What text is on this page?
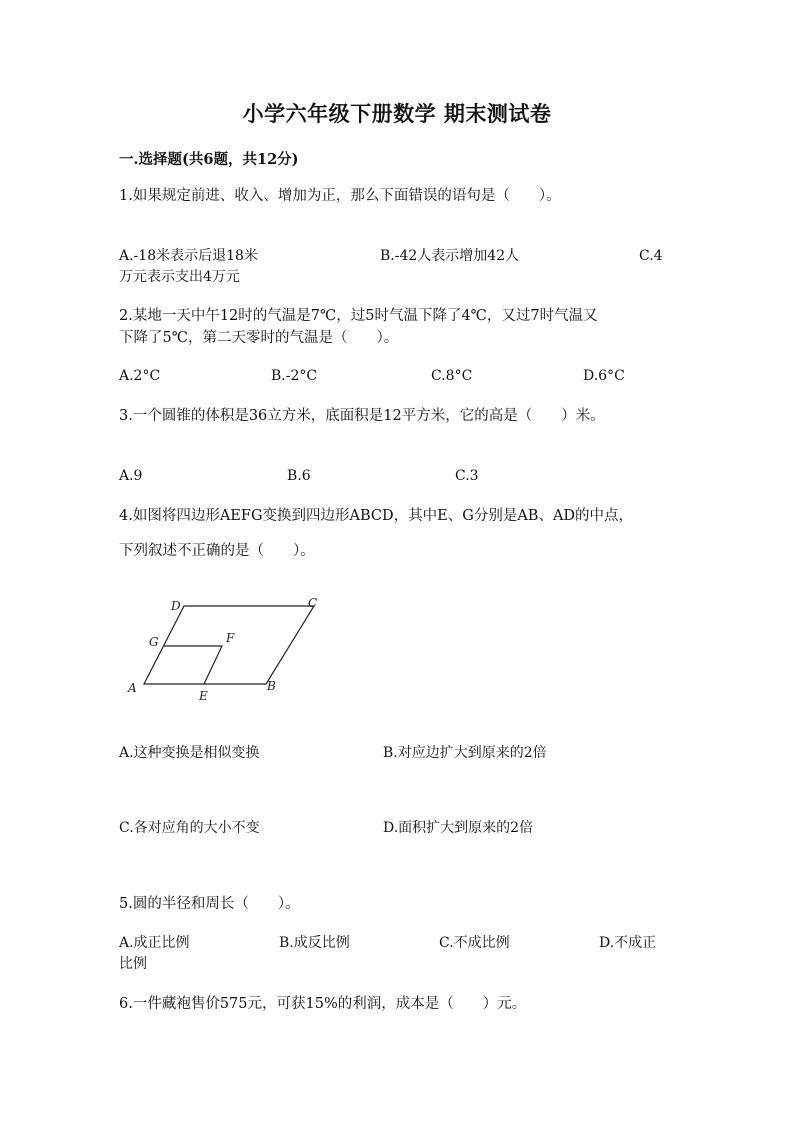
小学六年级下册数学 期末测试卷
一.选择题(共6题，共12分)
1.如果规定前进、收入、增加为正，那么下面错误的语句是（　　）。
A.-18米表示后退18米	B.-42人表示增加42人	C.4
万元表示支出4万元
2.某地一天中午12时的气温是7℃，过5时气温下降了4℃，又过7时气温又
下降了5℃，第二天零时的气温是（　　）。
A.2°C	B.-2°C	C.8°C	D.6°C
3.一个圆锥的体积是36立方米，底面积是12平方米，它的高是（　　）米。
A.9	B.6	C.3
4.如图将四边形AEFG变换到四边形ABCD，其中E、G分别是AB、AD的中点，
下列叙述不正确的是（　　）。
A
E
B
G	F
D	C
A.这种变换是相似变换	B.对应边扩大到原来的2倍
C.各对应角的大小不变	D.面积扩大到原来的2倍
5.圆的半径和周长（　　）。
A.成正比例	B.成反比例	C.不成比例	D.不成正
比例
6.一件藏袍售价575元，可获15%的利润，成本是（　　）元。
